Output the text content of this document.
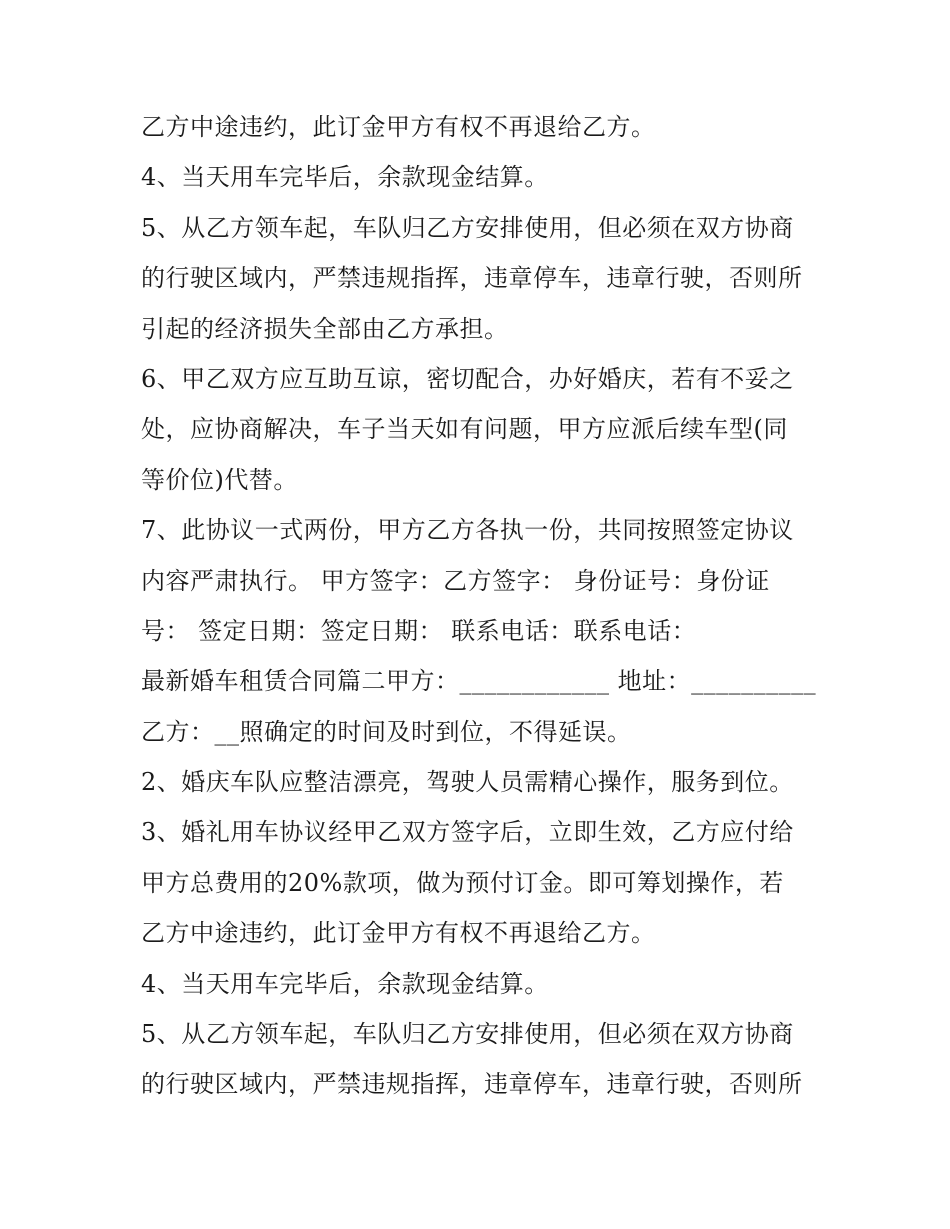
乙方中途违约，此订金甲方有权不再退给乙方。
4、当天用车完毕后，余款现金结算。
5、从乙方领车起，车队归乙方安排使用，但必须在双方协商
的行驶区域内，严禁违规指挥，违章停车，违章行驶，否则所
引起的经济损失全部由乙方承担。
6、甲乙双方应互助互谅，密切配合，办好婚庆，若有不妥之
处，应协商解决，车子当天如有问题，甲方应派后续车型(同
等价位)代替。
7、此协议一式两份，甲方乙方各执一份，共同按照签定协议
内容严肃执行。 甲方签字：乙方签字： 身份证号：身份证
号： 签定日期：签定日期： 联系电话：联系电话：
最新婚车租赁合同篇二甲方：____________ 地址：__________
乙方：__照确定的时间及时到位，不得延误。
2、婚庆车队应整洁漂亮，驾驶人员需精心操作，服务到位。
3、婚礼用车协议经甲乙双方签字后，立即生效，乙方应付给
甲方总费用的20%款项，做为预付订金。即可筹划操作，若
乙方中途违约，此订金甲方有权不再退给乙方。
4、当天用车完毕后，余款现金结算。
5、从乙方领车起，车队归乙方安排使用，但必须在双方协商
的行驶区域内，严禁违规指挥，违章停车，违章行驶，否则所
